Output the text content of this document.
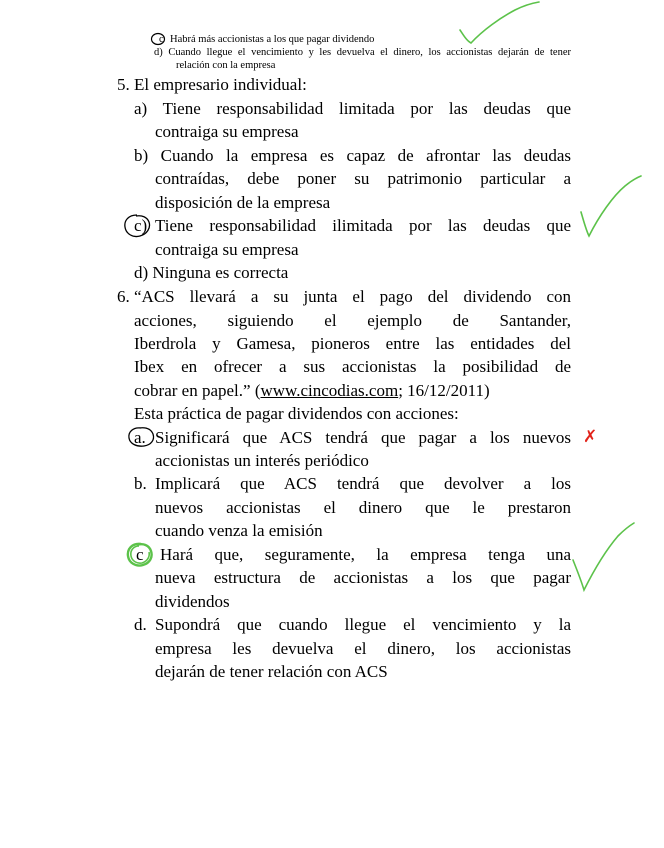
c Habrá más accionistas a los que pagar dividendo
d) Cuando llegue el vencimiento y les devuelva el dinero, los accionistas dejarán de tener
relación con la empresa
5. El empresario individual:
a) Tiene responsabilidad limitada por las deudas que
contraiga su empresa
b) Cuando la empresa es capaz de afrontar las deudas
contraídas, debe poner su patrimonio particular a
disposición de la empresa
c) Tiene responsabilidad ilimitada por las deudas que
contraiga su empresa
d) Ninguna es correcta
6. “ACS llevará a su junta el pago del dividendo con
acciones, siguiendo el ejemplo de Santander,
Iberdrola y Gamesa, pioneros entre las entidades del
Ibex en ofrecer a sus accionistas la posibilidad de
cobrar en papel.” (www.cincodias.com; 16/12/2011)
Esta práctica de pagar dividendos con acciones:
a. Significará que ACS tendrá que pagar a los nuevos
accionistas un interés periódico
b. Implicará que ACS tendrá que devolver a los
nuevos accionistas el dinero que le prestaron
cuando venza la emisión
c Hará que, seguramente, la empresa tenga una
nueva estructura de accionistas a los que pagar
dividendos
d. Supondrá que cuando llegue el vencimiento y la
empresa les devuelva el dinero, los accionistas
dejarán de tener relación con ACS
✗
